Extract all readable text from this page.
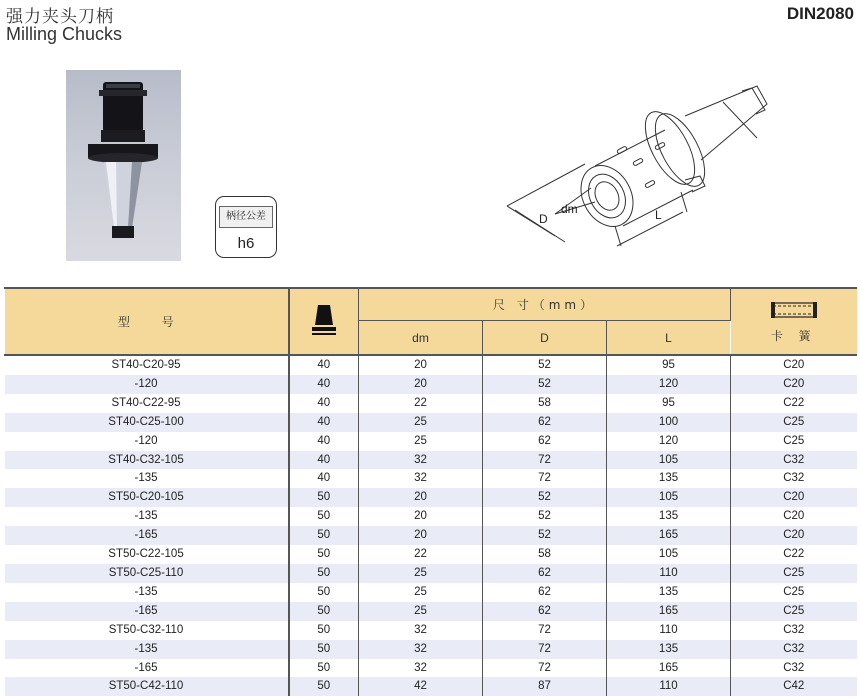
强力夹头刀柄
Milling Chucks
DIN2080
柄径公差
h6
D
dm	L
型 号		尺 寸（mm）			卡 簧

		dm	D	L	
ST40-C20-95	40	20	52	95	C20
-120	40	20	52	120	C20
ST40-C22-95	40	22	58	95	C22
ST40-C25-100	40	25	62	100	C25
-120	40	25	62	120	C25
ST40-C32-105	40	32	72	105	C32
-135	40	32	72	135	C32
ST50-C20-105	50	20	52	105	C20
-135	50	20	52	135	C20
-165	50	20	52	165	C20
ST50-C22-105	50	22	58	105	C22
ST50-C25-110	50	25	62	110	C25
-135	50	25	62	135	C25
-165	50	25	62	165	C25
ST50-C32-110	50	32	72	110	C32
-135	50	32	72	135	C32
-165	50	32	72	165	C32
ST50-C42-110	50	42	87	110	C42
